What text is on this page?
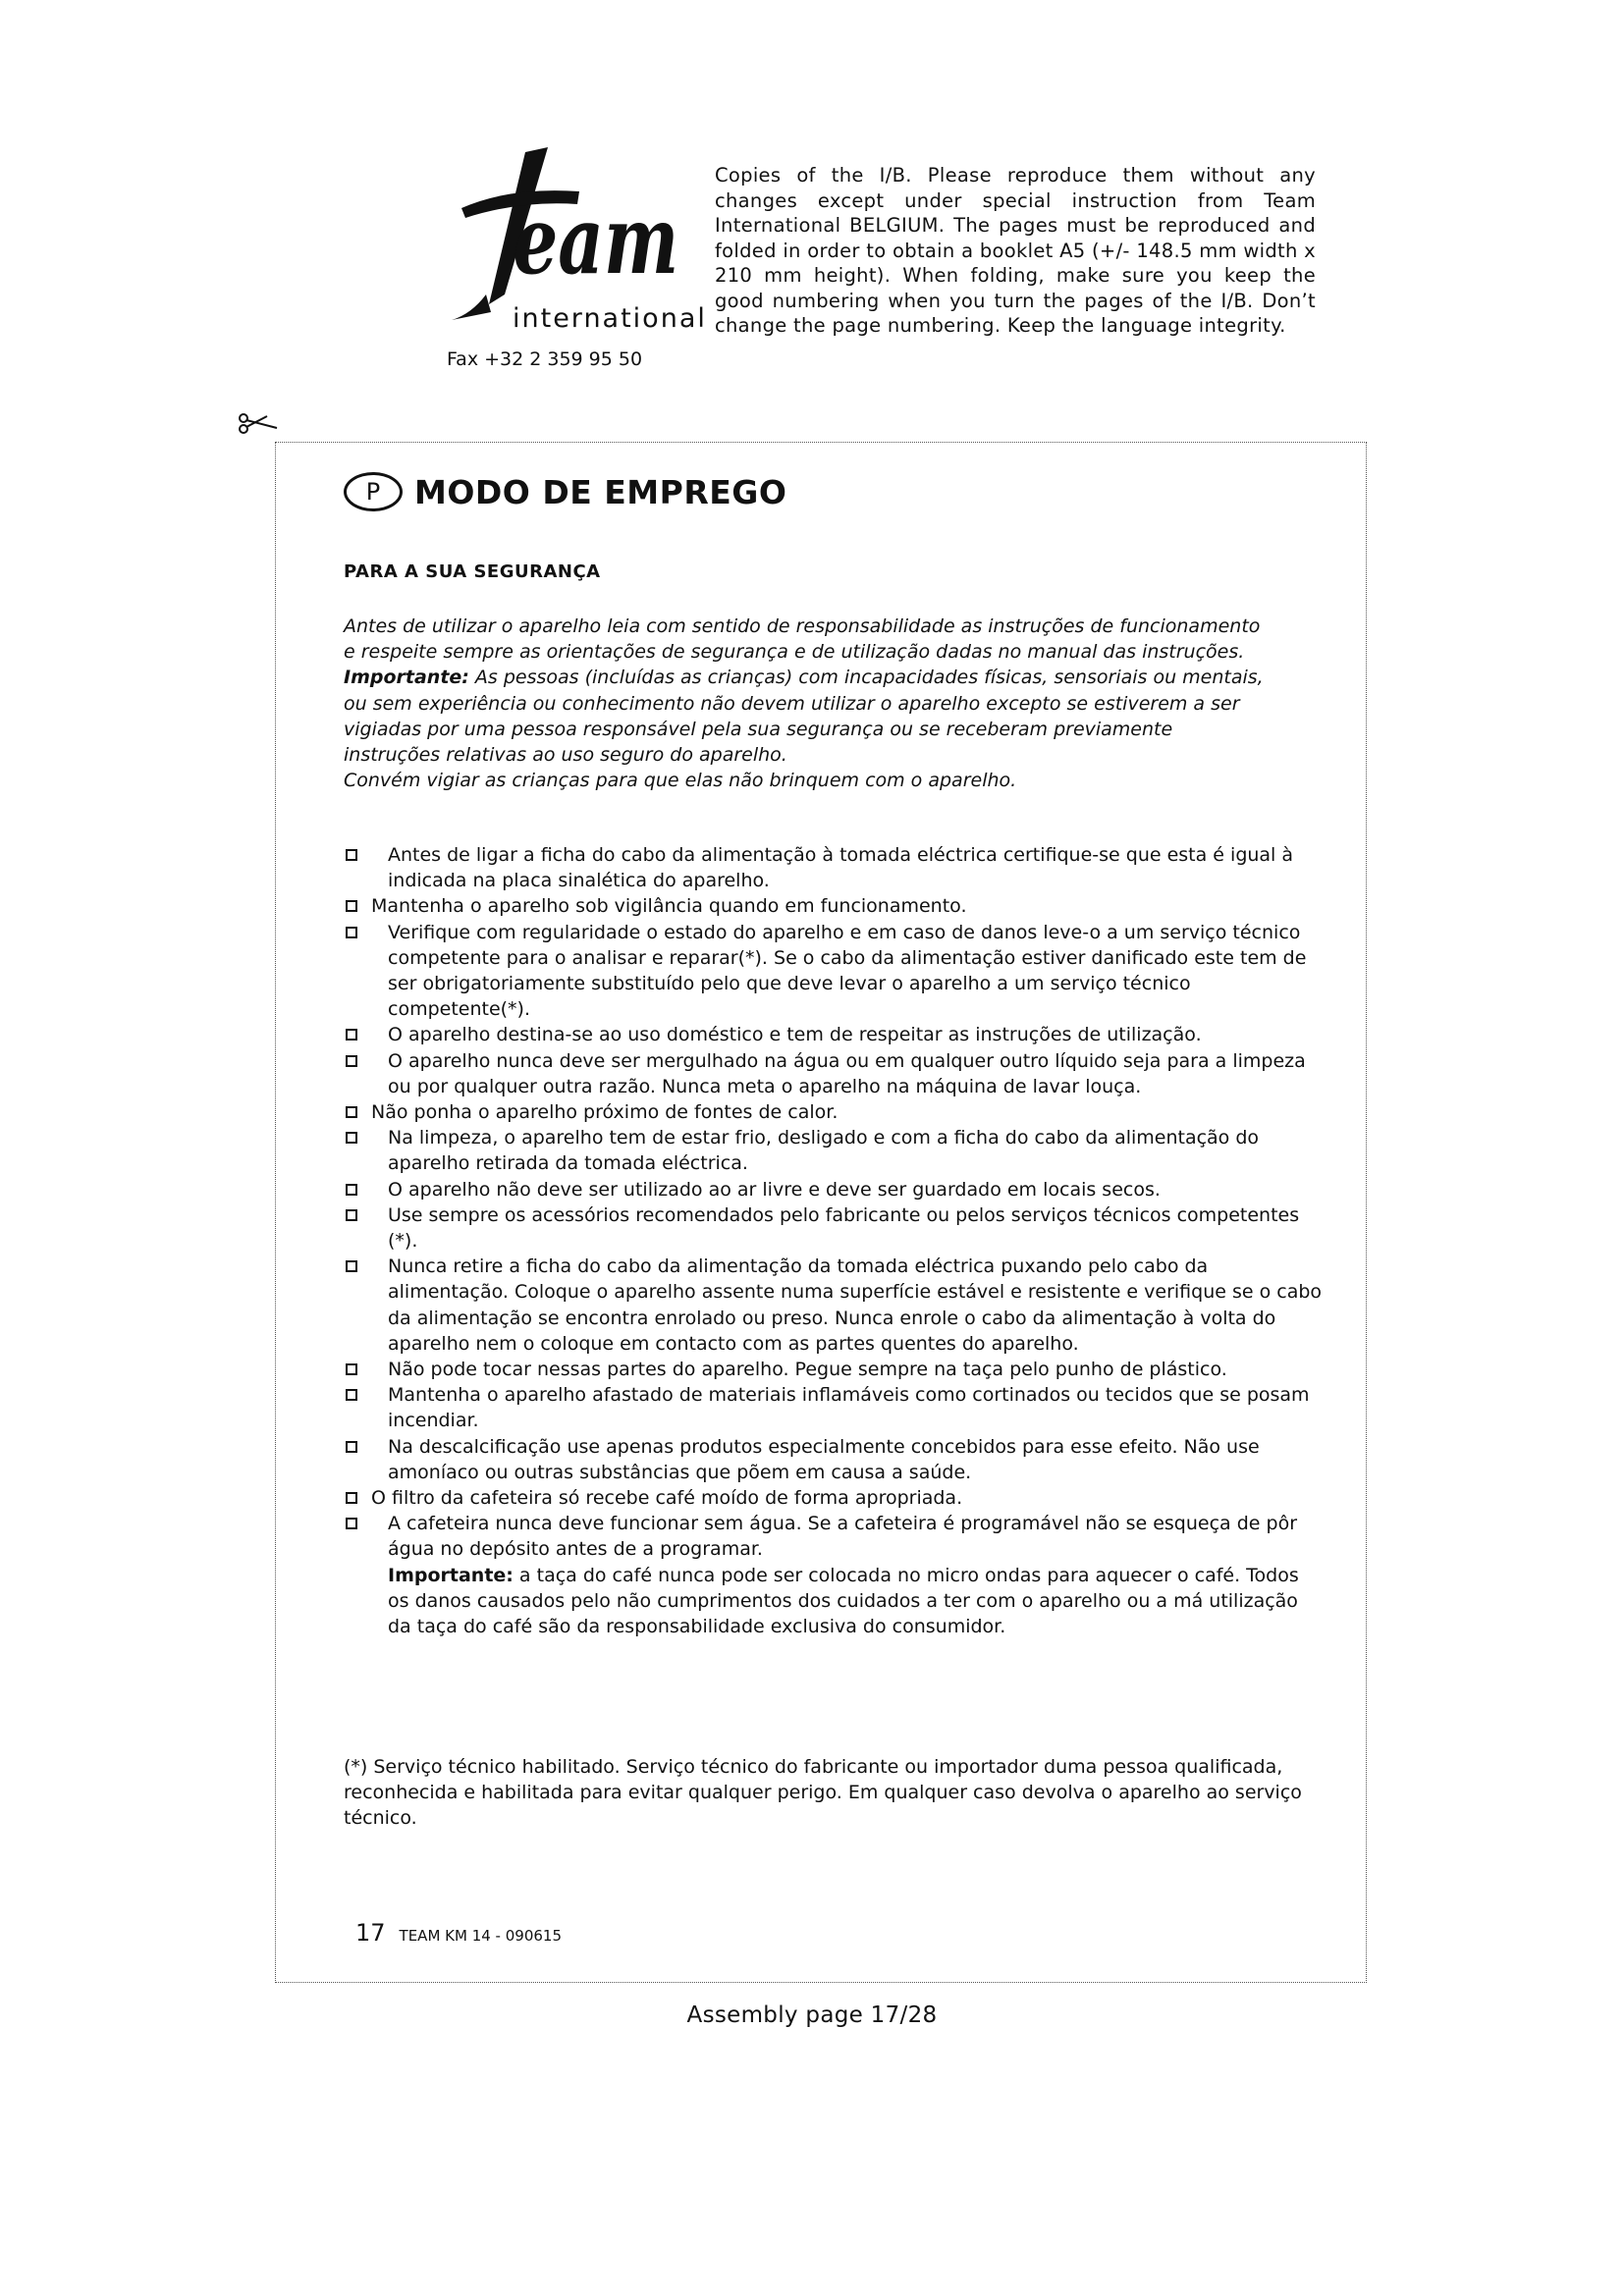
eam
international
Fax +32 2 359 95 50
Copies of the I/B. Please reproduce them without any changes except under special instruction from Team International BELGIUM. The pages must be reproduced and folded in order to obtain a booklet A5 (+/- 148.5 mm width x 210 mm height). When folding, make sure you keep the good numbering when you turn the pages of the I/B. Don’t change the page numbering. Keep the language integrity.
P	MODO DE EMPREGO
PARA A SUA SEGURANÇA

Antes de utilizar o aparelho leia com sentido de responsabilidade as instruções de funcionamento e respeite sempre as orientações de segurança e de utilização dadas no manual das instruções.

Importante: As pessoas (incluídas as crianças) com incapacidades físicas, sensoriais ou mentais, ou sem experiência ou conhecimento não devem utilizar o aparelho excepto se estiverem a ser vigiadas por uma pessoa responsável pela sua segurança ou se receberam previamente instruções relativas ao uso seguro do aparelho.

Convém vigiar as crianças para que elas não brinquem com o aparelho.

Antes de ligar a ficha do cabo da alimentação à tomada eléctrica certifique-se que esta é igual à indicada na placa sinalética do aparelho.
Mantenha o aparelho sob vigilância quando em funcionamento.
Verifique com regularidade o estado do aparelho e em caso de danos leve-o a um serviço técnico competente para o analisar e reparar(*). Se o cabo da alimentação estiver danificado este tem de ser obrigatoriamente substituído pelo que deve levar o aparelho a um serviço técnico competente(*).
O aparelho destina-se ao uso doméstico e tem de respeitar as instruções de utilização.
O aparelho nunca deve ser mergulhado na água ou em qualquer outro líquido seja para a limpeza ou por qualquer outra razão. Nunca meta o aparelho na máquina de lavar louça.
Não ponha o aparelho próximo de fontes de calor.
Na limpeza, o aparelho tem de estar frio, desligado e com a ficha do cabo da alimentação do aparelho retirada da tomada eléctrica.
O aparelho não deve ser utilizado ao ar livre e deve ser guardado em locais secos.
Use sempre os acessórios recomendados pelo fabricante ou pelos serviços técnicos competentes (*).
Nunca retire a ficha do cabo da alimentação da tomada eléctrica puxando pelo cabo da alimentação. Coloque o aparelho assente numa superfície estável e resistente e verifique se o cabo da alimentação se encontra enrolado ou preso. Nunca enrole o cabo da alimentação à volta do aparelho nem o coloque em contacto com as partes quentes do aparelho.
Não pode tocar nessas partes do aparelho. Pegue sempre na taça pelo punho de plástico.
Mantenha o aparelho afastado de materiais inflamáveis como cortinados ou tecidos que se posam incendiar.
Na descalcificação use apenas produtos especialmente concebidos para esse efeito. Não use amoníaco ou outras substâncias que põem em causa a saúde.
O filtro da cafeteira só recebe café moído de forma apropriada.
A cafeteira nunca deve funcionar sem água. Se a cafeteira é programável não se esqueça de pôr água no depósito antes de a programar.
Importante: a taça do café nunca pode ser colocada no micro ondas para aquecer o café. Todos os danos causados pelo não cumprimentos dos cuidados a ter com o aparelho ou a má utilização da taça do café são da responsabilidade exclusiva do consumidor.
(*) Serviço técnico habilitado. Serviço técnico do fabricante ou importador duma pessoa qualificada, reconhecida e habilitada para evitar qualquer perigo. Em qualquer caso devolva o aparelho ao serviço técnico.
17 TEAM KM 14 - 090615
Assembly page 17/28
